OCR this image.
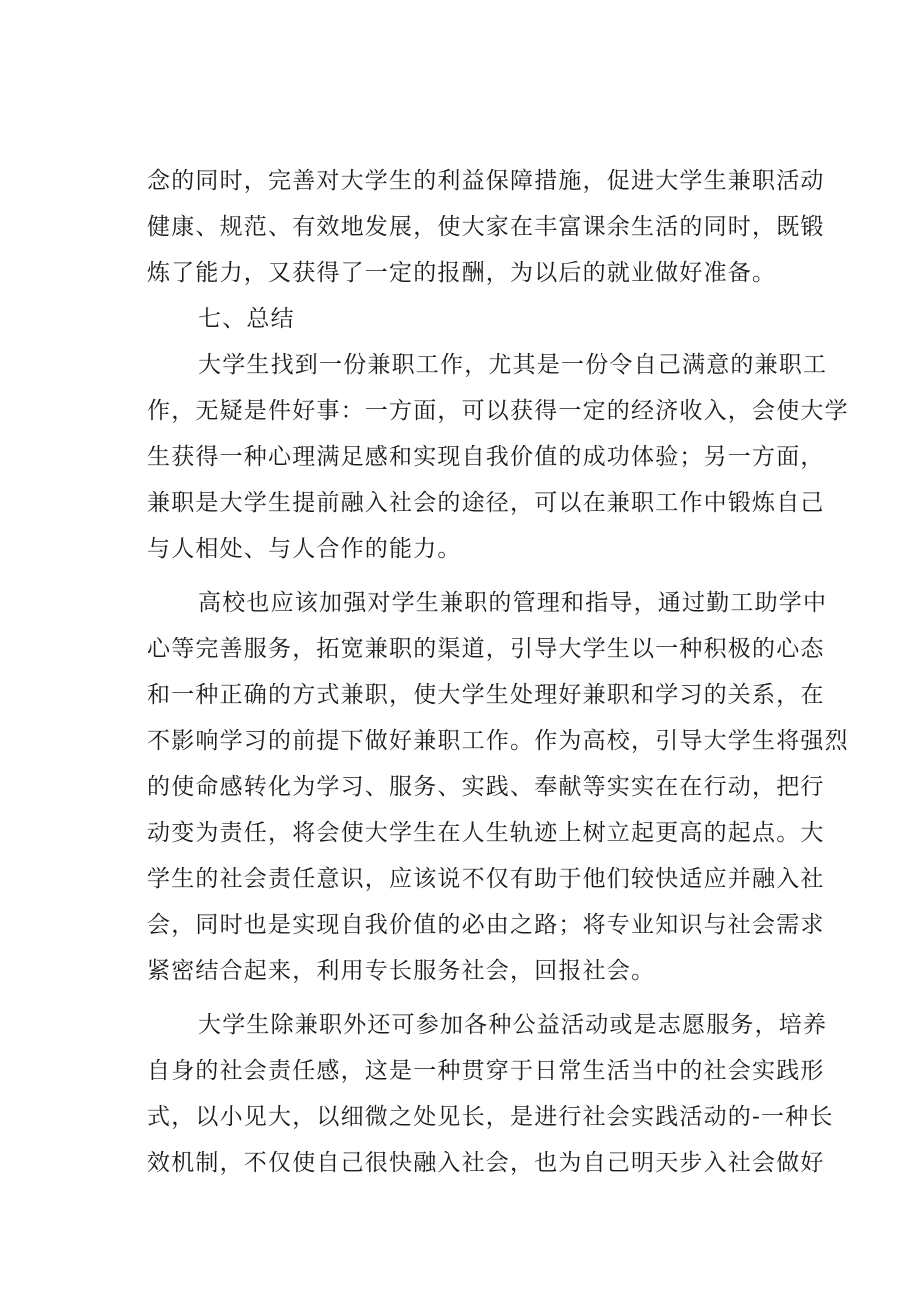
念的同时，完善对大学生的利益保障措施，促进大学生兼职活动
健康、规范、有效地发展，使大家在丰富课余生活的同时，既锻
炼了能力，又获得了一定的报酬，为以后的就业做好准备。
七、总结
大学生找到一份兼职工作，尤其是一份令自己满意的兼职工
作，无疑是件好事：一方面，可以获得一定的经济收入，会使大学
生获得一种心理满足感和实现自我价值的成功体验；另一方面，
兼职是大学生提前融入社会的途径，可以在兼职工作中锻炼自己
与人相处、与人合作的能力。
高校也应该加强对学生兼职的管理和指导，通过勤工助学中
心等完善服务，拓宽兼职的渠道，引导大学生以一种积极的心态
和一种正确的方式兼职，使大学生处理好兼职和学习的关系，在
不影响学习的前提下做好兼职工作。作为高校，引导大学生将强烈
的使命感转化为学习、服务、实践、奉献等实实在在行动，把行
动变为责任，将会使大学生在人生轨迹上树立起更高的起点。大
学生的社会责任意识，应该说不仅有助于他们较快适应并融入社
会，同时也是实现自我价值的必由之路；将专业知识与社会需求
紧密结合起来，利用专长服务社会，回报社会。
大学生除兼职外还可参加各种公益活动或是志愿服务，培养
自身的社会责任感，这是一种贯穿于日常生活当中的社会实践形
式，以小见大，以细微之处见长，是进行社会实践活动的-一种长
效机制，不仅使自己很快融入社会，也为自己明天步入社会做好
